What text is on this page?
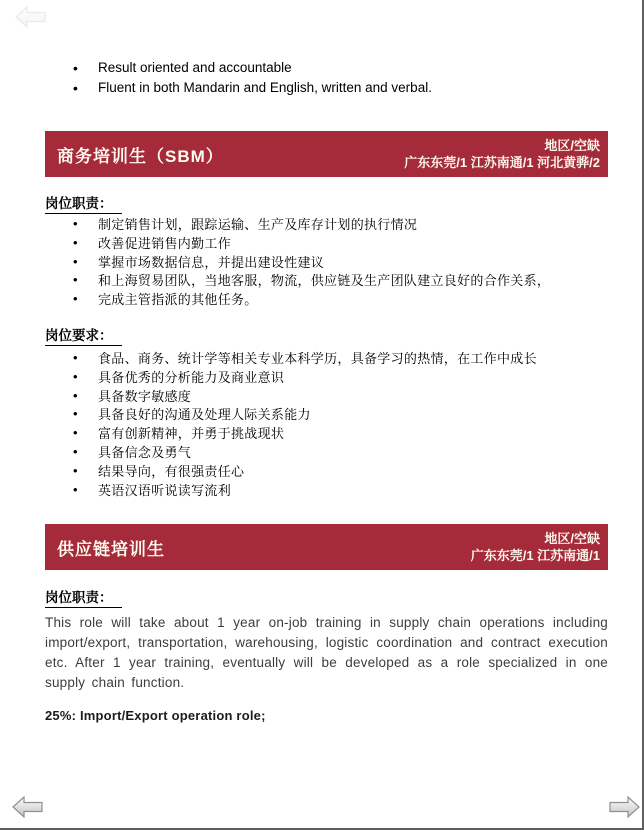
• Result oriented and accountable
• Fluent in both Mandarin and English, written and verbal.
商务培训生（SBM）
地区/空缺
广东东莞/1 江苏南通/1 河北黄骅/2
岗位职责：
• 制定销售计划，跟踪运输、生产及库存计划的执行情况
• 改善促进销售内勤工作
• 掌握市场数据信息，并提出建设性建议
• 和上海贸易团队，当地客服，物流，供应链及生产团队建立良好的合作关系，
• 完成主管指派的其他任务。
岗位要求：
• 食品、商务、统计学等相关专业本科学历，具备学习的热情，在工作中成长
• 具备优秀的分析能力及商业意识
• 具备数字敏感度
• 具备良好的沟通及处理人际关系能力
• 富有创新精神，并勇于挑战现状
• 具备信念及勇气
• 结果导向，有很强责任心
• 英语汉语听说读写流利
供应链培训生
地区/空缺
广东东莞/1 江苏南通/1
岗位职责：

This role will take about 1 year on-job training in supply chain operations including import/export, transportation, warehousing, logistic coordination and contract execution etc. After 1 year training, eventually will be developed as a role specialized in one supply chain function.

25%: Import/Export operation role;
